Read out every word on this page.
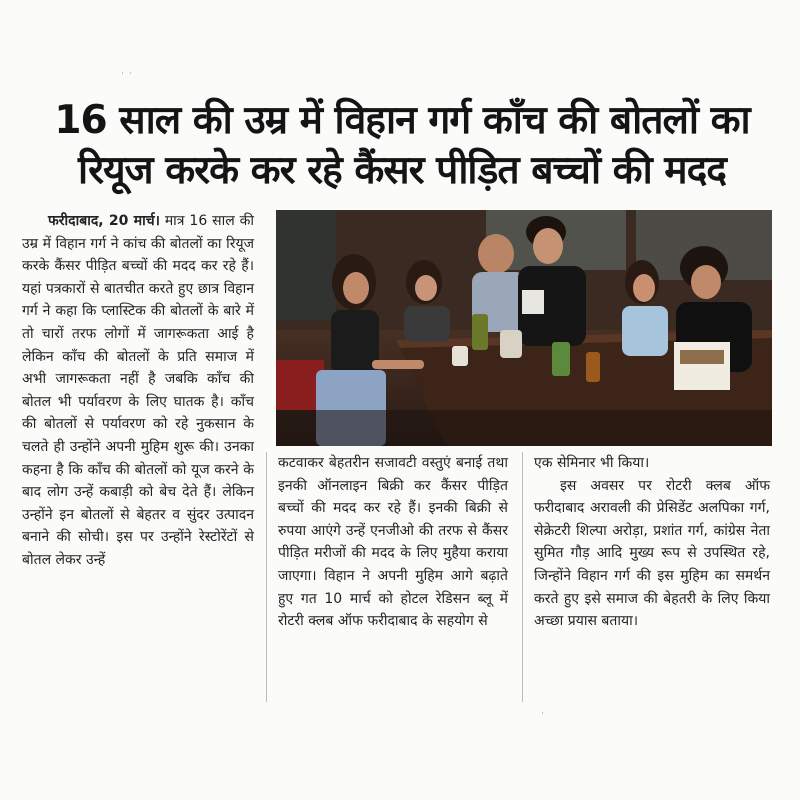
˙ ˙
16 साल की उम्र में विहान गर्ग काँच की बोतलों का
रियूज करके कर रहे कैंसर पीड़ित बच्चों की मदद
फरीदाबाद, 20 मार्च। मात्र 16 साल की उम्र में विहान गर्ग ने कांच की बोतलों का रियूज करके कैंसर पीड़ित बच्चों की मदद कर रहे हैं। यहां पत्रकारों से बातचीत करते हुए छात्र विहान गर्ग ने कहा कि प्लास्टिक की बोतलों के बारे में तो चारों तरफ लोगों में जागरूकता आई है लेकिन काँच की बोतलों के प्रति समाज में अभी जागरूकता नहीं है जबकि काँच की बोतल भी पर्यावरण के लिए घातक है। काँच की बोतलों से पर्यावरण को रहे नुकसान के चलते ही उन्होंने अपनी मुहिम शुरू की। उनका कहना है कि काँच की बोतलों को यूज करने के बाद लोग उन्हें कबाड़ी को बेच देते हैं। लेकिन उन्होंने इन बोतलों से बेहतर व सुंदर उत्पादन बनाने की सोची। इस पर उन्होंने रेस्टोरेंटों से बोतल लेकर उन्हें
कटवाकर बेहतरीन सजावटी वस्तुएं बनाई तथा इनकी ऑनलाइन बिक्री कर कैंसर पीड़ित बच्चों की मदद कर रहे हैं। इनकी बिक्री से रुपया आएंगे उन्हें एनजीओ की तरफ से कैंसर पीड़ित मरीजों की मदद के लिए मुहैया कराया जाएगा। विहान ने अपनी मुहिम आगे बढ़ाते हुए गत 10 मार्च को होटल रेडिसन ब्लू में रोटरी क्लब ऑफ फरीदाबाद के सहयोग से
एक सेमिनार भी किया।
इस अवसर पर रोटरी क्लब ऑफ फरीदाबाद अरावली की प्रेसिडेंट अलपिका गर्ग, सेक्रेटरी शिल्पा अरोड़ा, प्रशांत गर्ग, कांग्रेस नेता सुमित गौड़ आदि मुख्य रूप से उपस्थित रहे, जिन्होंने विहान गर्ग की इस मुहिम का समर्थन करते हुए इसे समाज की बेहतरी के लिए किया अच्छा प्रयास बताया।
˙
